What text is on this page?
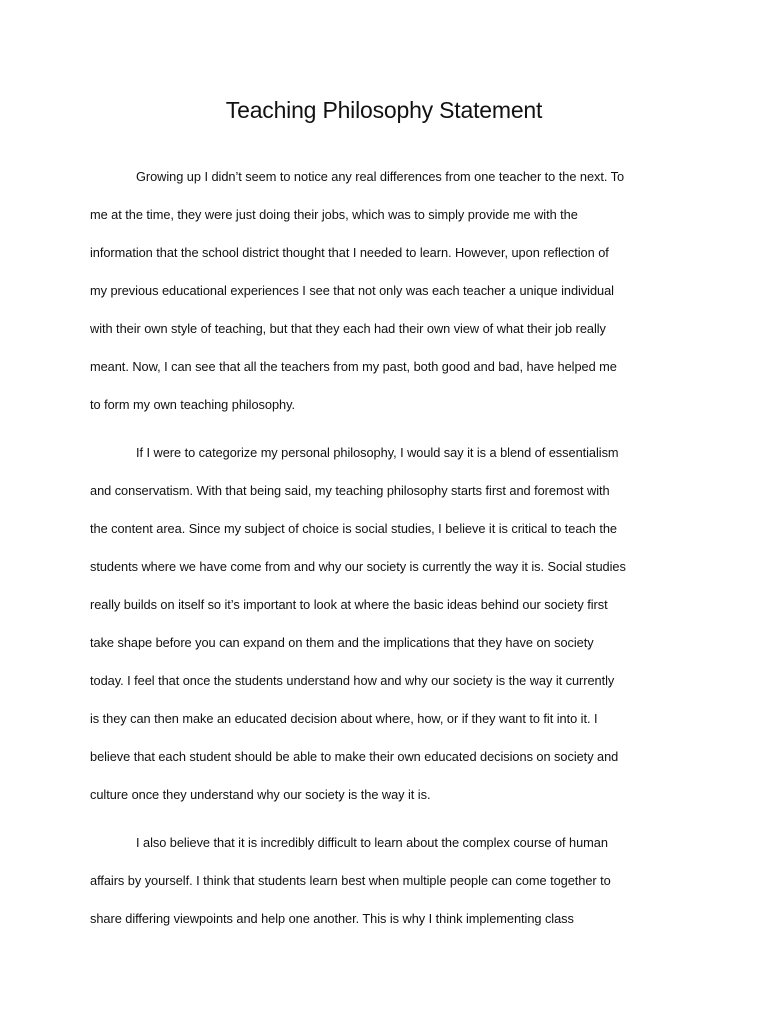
Teaching Philosophy Statement
Growing up I didn’t seem to notice any real differences from one teacher to the next. To
me at the time, they were just doing their jobs, which was to simply provide me with the
information that the school district thought that I needed to learn. However, upon reflection of
my previous educational experiences I see that not only was each teacher a unique individual
with their own style of teaching, but that they each had their own view of what their job really
meant. Now, I can see that all the teachers from my past, both good and bad, have helped me
to form my own teaching philosophy.
If I were to categorize my personal philosophy, I would say it is a blend of essentialism
and conservatism. With that being said, my teaching philosophy starts first and foremost with
the content area. Since my subject of choice is social studies, I believe it is critical to teach the
students where we have come from and why our society is currently the way it is. Social studies
really builds on itself so it’s important to look at where the basic ideas behind our society first
take shape before you can expand on them and the implications that they have on society
today. I feel that once the students understand how and why our society is the way it currently
is they can then make an educated decision about where, how, or if they want to fit into it. I
believe that each student should be able to make their own educated decisions on society and
culture once they understand why our society is the way it is.
I also believe that it is incredibly difficult to learn about the complex course of human
affairs by yourself. I think that students learn best when multiple people can come together to
share differing viewpoints and help one another. This is why I think implementing class
